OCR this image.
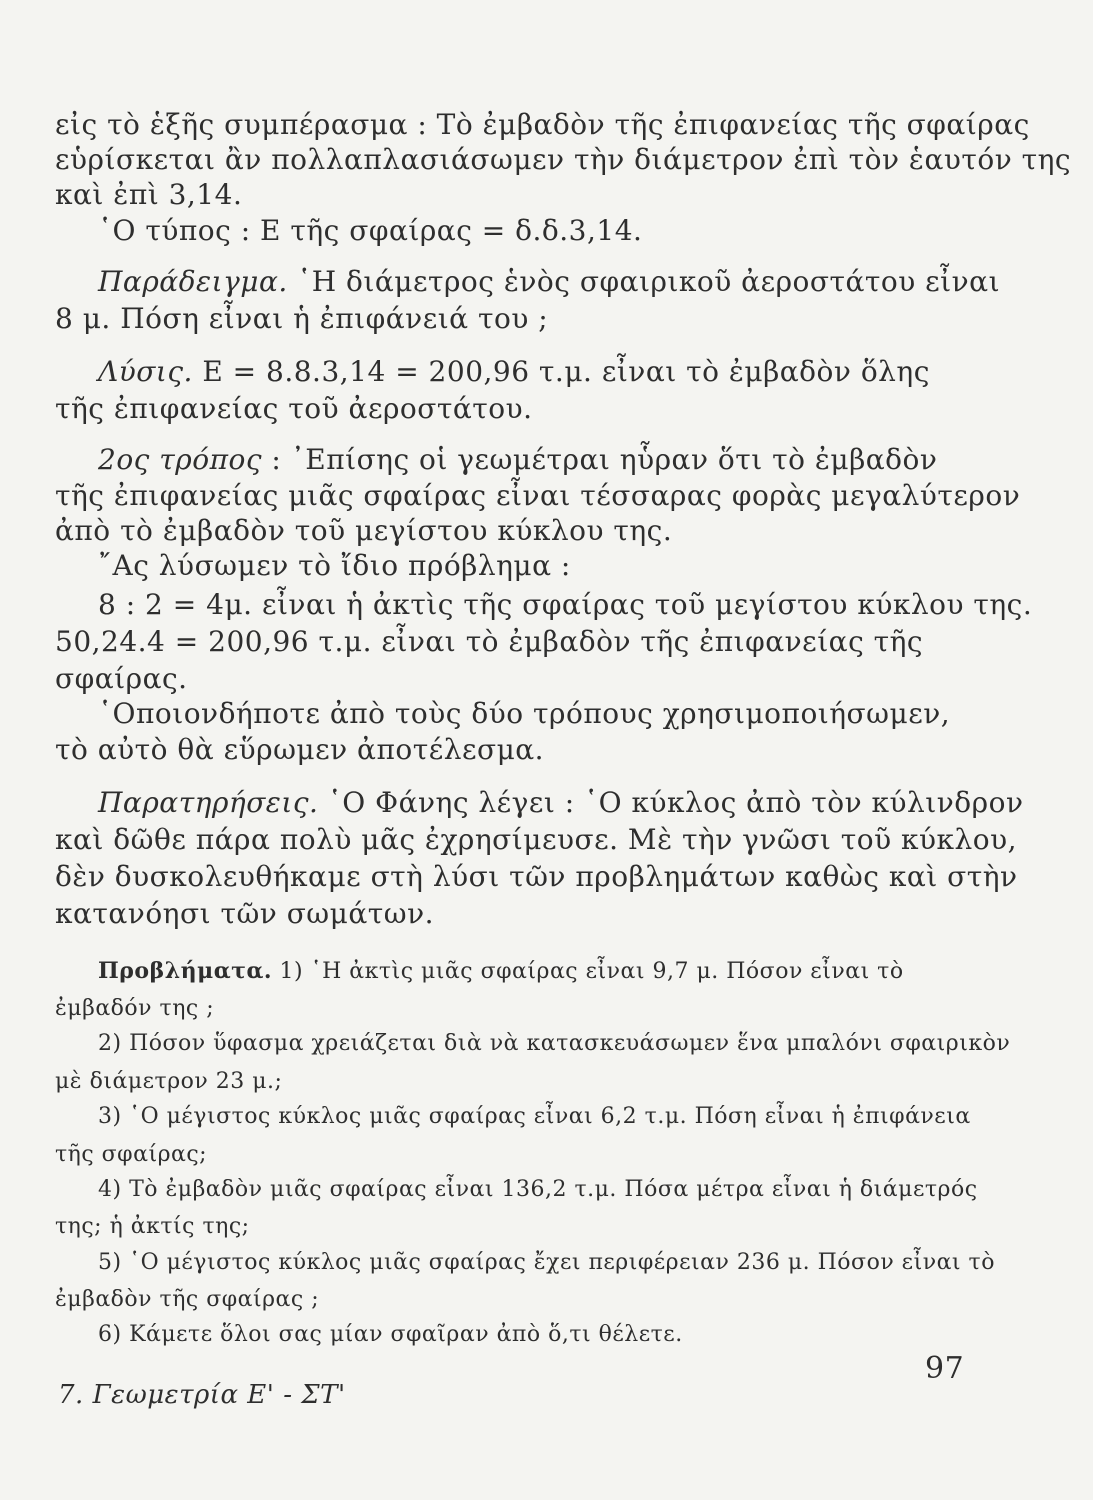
εἰς τὸ ἑξῆς συμπέρασμα : Τὸ ἐμβαδὸν τῆς ἐπιφανείας τῆς σφαίρας
εὑρίσκεται ἂν πολλαπλασιάσωμεν τὴν διάμετρον ἐπὶ τὸν ἑαυτόν της
καὶ ἐπὶ 3,14.
῾Ο τύπος : Ε τῆς σφαίρας = δ.δ.3,14.
Παράδειγμα. ῾Η διάμετρος ἑνὸς σφαιρικοῦ ἀεροστάτου εἶναι
8 μ. Πόση εἶναι ἡ ἐπιφάνειά του ;
Λύσις. Ε = 8.8.3,14 = 200,96 τ.μ. εἶναι τὸ ἐμβαδὸν ὅλης
τῆς ἐπιφανείας τοῦ ἀεροστάτου.
2ος τρόπος : ᾿Επίσης οἱ γεωμέτραι ηὗραν ὅτι τὸ ἐμβαδὸν
τῆς ἐπιφανείας μιᾶς σφαίρας εἶναι τέσσαρας φορὰς μεγαλύτερον
ἀπὸ τὸ ἐμβαδὸν τοῦ μεγίστου κύκλου της.
῎Ας λύσωμεν τὸ ἴδιο πρόβλημα :
8 : 2 = 4μ. εἶναι ἡ ἀκτὶς τῆς σφαίρας τοῦ μεγίστου κύκλου της.
50,24.4 = 200,96 τ.μ. εἶναι τὸ ἐμβαδὸν τῆς ἐπιφανείας τῆς
σφαίρας.
῾Οποιονδήποτε ἀπὸ τοὺς δύο τρόπους χρησιμοποιήσωμεν,
τὸ αὐτὸ θὰ εὕρωμεν ἀποτέλεσμα.
Παρατηρήσεις. ῾Ο Φάνης λέγει : ῾Ο κύκλος ἀπὸ τὸν κύλινδρον
καὶ δῶθε πάρα πολὺ μᾶς ἐχρησίμευσε. Μὲ τὴν γνῶσι τοῦ κύκλου,
δὲν δυσκολευθήκαμε στὴ λύσι τῶν προβλημάτων καθὼς καὶ στὴν
κατανόησι τῶν σωμάτων.
Προβλήματα. 1) ῾Η ἀκτὶς μιᾶς σφαίρας εἶναι 9,7 μ. Πόσον εἶναι τὸ
ἐμβαδόν της ;
2) Πόσον ὕφασμα χρειάζεται διὰ νὰ κατασκευάσωμεν ἕνα μπαλόνι σφαιρικὸν
μὲ διάμετρον 23 μ.;
3) ῾Ο μέγιστος κύκλος μιᾶς σφαίρας εἶναι 6,2 τ.μ. Πόση εἶναι ἡ ἐπιφάνεια
τῆς σφαίρας;
4) Τὸ ἐμβαδὸν μιᾶς σφαίρας εἶναι 136,2 τ.μ. Πόσα μέτρα εἶναι ἡ διάμετρός
της; ἡ ἀκτίς της;
5) ῾Ο μέγιστος κύκλος μιᾶς σφαίρας ἔχει περιφέρειαν 236 μ. Πόσον εἶναι τὸ
ἐμβαδὸν τῆς σφαίρας ;
6) Κάμετε ὅλοι σας μίαν σφαῖραν ἀπὸ ὅ,τι θέλετε.
7. Γεωμετρία Ε' - ΣΤ'
97
